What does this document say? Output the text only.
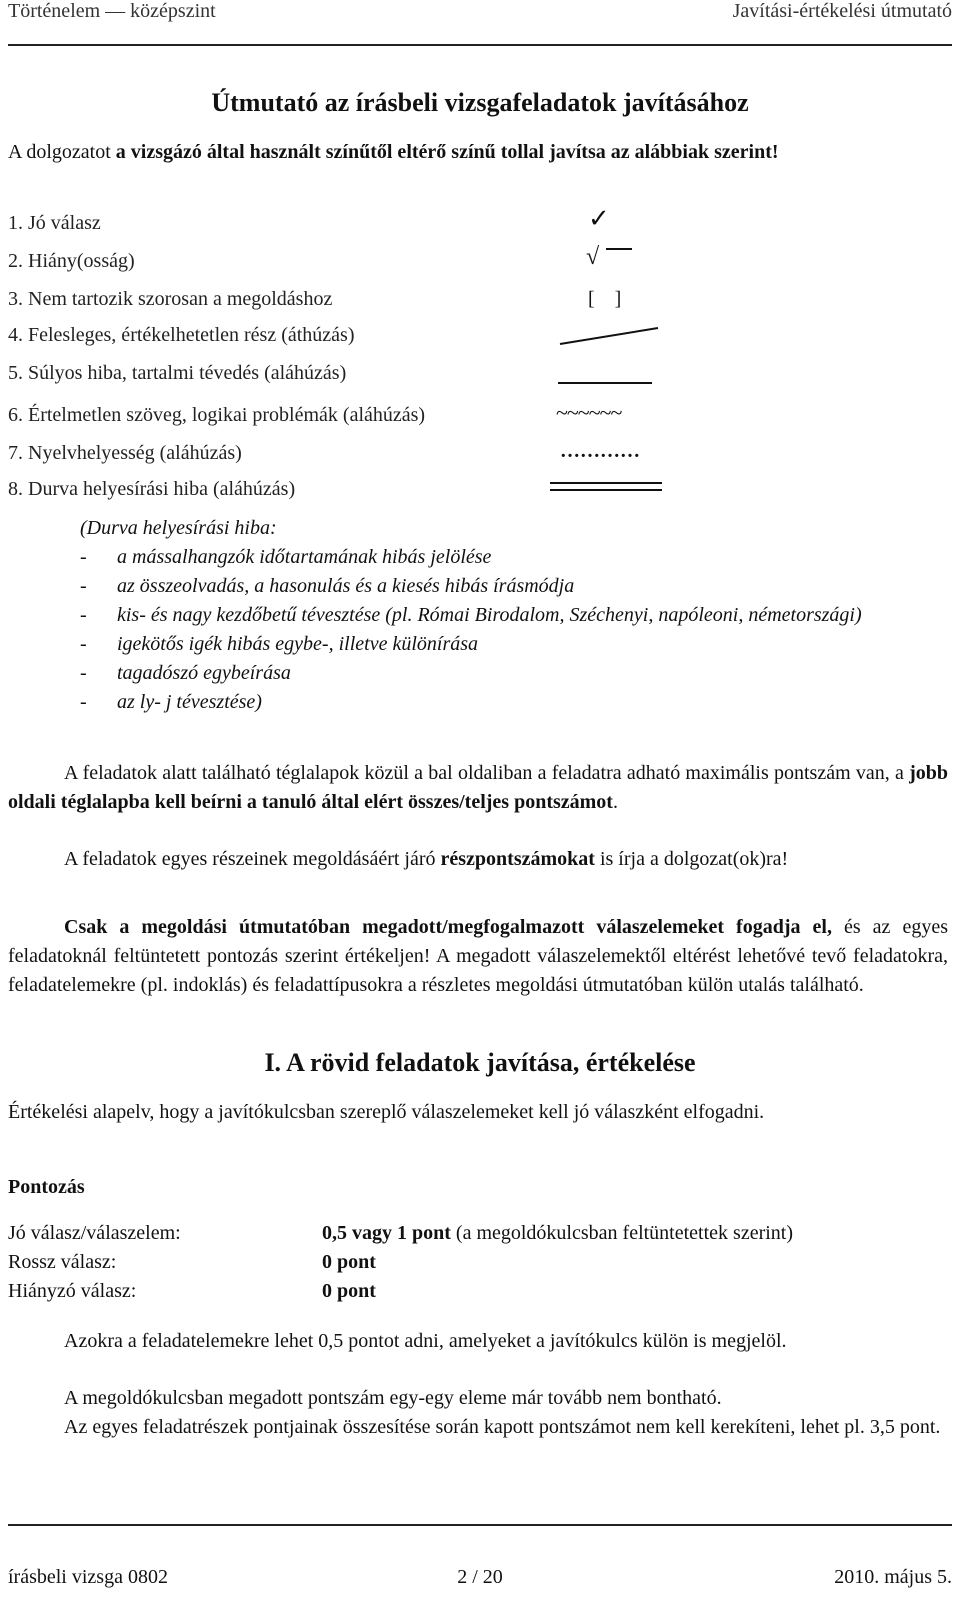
Történelem — középszint	Javítási-értékelési útmutató
Útmutató az írásbeli vizsgafeladatok javításához
A dolgozatot a vizsgázó által használt színűtől eltérő színű tollal javítsa az alábbiak szerint!
1. Jó válasz	✓
2. Hiány(osság)	√
3. Nem tartozik szorosan a megoldáshoz	[    ]
4. Felesleges, értékelhetetlen rész (áthúzás)
5. Súlyos hiba, tartalmi tévedés (aláhúzás)
6. Értelmetlen szöveg, logikai problémák (aláhúzás)	~~~~~~
7. Nyelvhelyesség (aláhúzás)	…………
8. Durva helyesírási hiba (aláhúzás)
(Durva helyesírási hiba:
-	a mássalhangzók időtartamának hibás jelölése
-	az összeolvadás, a hasonulás és a kiesés hibás írásmódja
-	kis- és nagy kezdőbetű tévesztése (pl. Római Birodalom, Széchenyi, napóleoni, németországi)
-	igekötős igék hibás egybe-, illetve különírása
-	tagadószó egybeírása
-	az ly- j tévesztése)
A feladatok alatt található téglalapok közül a bal oldaliban a feladatra adható maximális pontszám van, a jobb oldali téglalapba kell beírni a tanuló által elért összes/teljes pontszámot.
A feladatok egyes részeinek megoldásáért járó részpontszámokat is írja a dolgozat(ok)ra!
Csak a megoldási útmutatóban megadott/megfogalmazott válaszelemeket fogadja el, és az egyes feladatoknál feltüntetett pontozás szerint értékeljen! A megadott válaszelemektől eltérést lehetővé tevő feladatokra, feladatelemekre (pl. indoklás) és feladattípusokra a részletes megoldási útmutatóban külön utalás található.
I. A rövid feladatok javítása, értékelése
Értékelési alapelv, hogy a javítókulcsban szereplő válaszelemeket kell jó válaszként elfogadni.
Pontozás
Jó válasz/válaszelem:	0,5 vagy 1 pont (a megoldókulcsban feltüntetettek szerint)
Rossz válasz:	0 pont
Hiányzó válasz:	0 pont
Azokra a feladatelemekre lehet 0,5 pontot adni, amelyeket a javítókulcs külön is megjelöl.
A megoldókulcsban megadott pontszám egy-egy eleme már tovább nem bontható.
Az egyes feladatrészek pontjainak összesítése során kapott pontszámot nem kell kerekíteni, lehet pl. 3,5 pont.
írásbeli vizsga 0802	2 / 20	2010. május 5.
